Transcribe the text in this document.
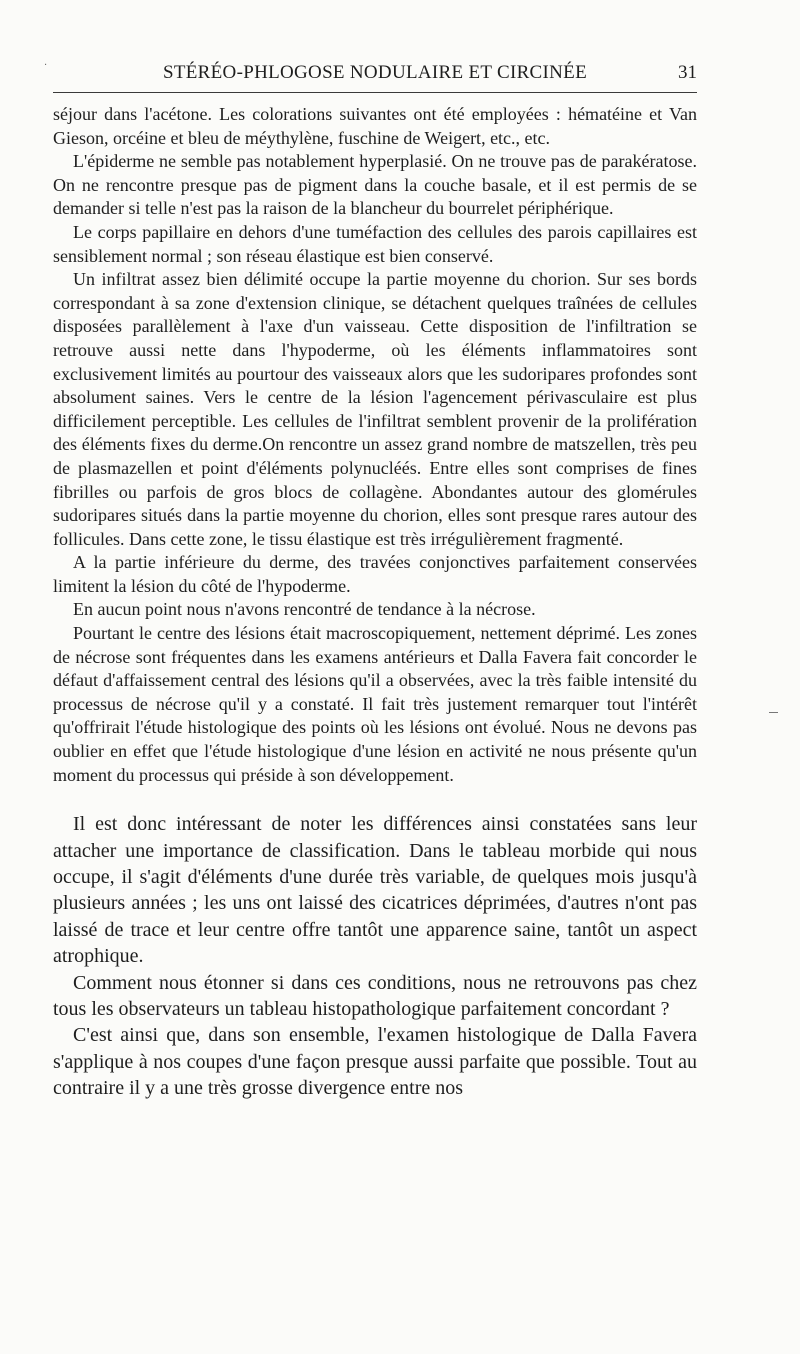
·	STÉRÉO-PHLOGOSE NODULAIRE ET CIRCINÉE	31

séjour dans l'acétone. Les colorations suivantes ont été employées : hématéine et Van Gieson, orcéine et bleu de méythylène, fuschine de Weigert, etc., etc.

L'épiderme ne semble pas notablement hyperplasié. On ne trouve pas de parakératose. On ne rencontre presque pas de pigment dans la couche basale, et il est permis de se demander si telle n'est pas la raison de la blancheur du bourrelet périphérique.

Le corps papillaire en dehors d'une tuméfaction des cellules des parois capillaires est sensiblement normal ; son réseau élastique est bien conservé.

Un infiltrat assez bien délimité occupe la partie moyenne du chorion. Sur ses bords correspondant à sa zone d'extension clinique, se détachent quelques traînées de cellules disposées parallèlement à l'axe d'un vaisseau. Cette disposition de l'infiltration se retrouve aussi nette dans l'hypoderme, où les éléments inflammatoires sont exclusivement limités au pourtour des vaisseaux alors que les sudoripares profondes sont absolument saines. Vers le centre de la lésion l'agencement périvasculaire est plus difficilement perceptible. Les cellules de l'infiltrat semblent provenir de la prolifération des éléments fixes du derme.On rencontre un assez grand nombre de matszellen, très peu de plasmazellen et point d'éléments polynucléés. Entre elles sont comprises de fines fibrilles ou parfois de gros blocs de collagène. Abondantes autour des glomérules sudoripares situés dans la partie moyenne du chorion, elles sont presque rares autour des follicules. Dans cette zone, le tissu élastique est très irrégulièrement fragmenté.

A la partie inférieure du derme, des travées conjonctives parfaitement conservées limitent la lésion du côté de l'hypoderme.

En aucun point nous n'avons rencontré de tendance à la nécrose.

Pourtant le centre des lésions était macroscopiquement, nettement déprimé. Les zones de nécrose sont fréquentes dans les examens antérieurs et Dalla Favera fait concorder le défaut d'affaissement central des lésions qu'il a observées, avec la très faible intensité du processus de nécrose qu'il y a constaté. Il fait très justement remarquer tout l'intérêt qu'offrirait l'étude histologique des points où les lésions ont évolué. Nous ne devons pas oublier en effet que l'étude histologique d'une lésion en activité ne nous présente qu'un moment du processus qui préside à son développement.

Il est donc intéressant de noter les différences ainsi constatées sans leur attacher une importance de classification. Dans le tableau morbide qui nous occupe, il s'agit d'éléments d'une durée très variable, de quelques mois jusqu'à plusieurs années ; les uns ont laissé des cicatrices déprimées, d'autres n'ont pas laissé de trace et leur centre offre tantôt une apparence saine, tantôt un aspect atrophique.

Comment nous étonner si dans ces conditions, nous ne retrouvons pas chez tous les observateurs un tableau histopathologique parfaitement concordant ?

C'est ainsi que, dans son ensemble, l'examen histologique de Dalla Favera s'applique à nos coupes d'une façon presque aussi parfaite que possible. Tout au contraire il y a une très grosse divergence entre nos
